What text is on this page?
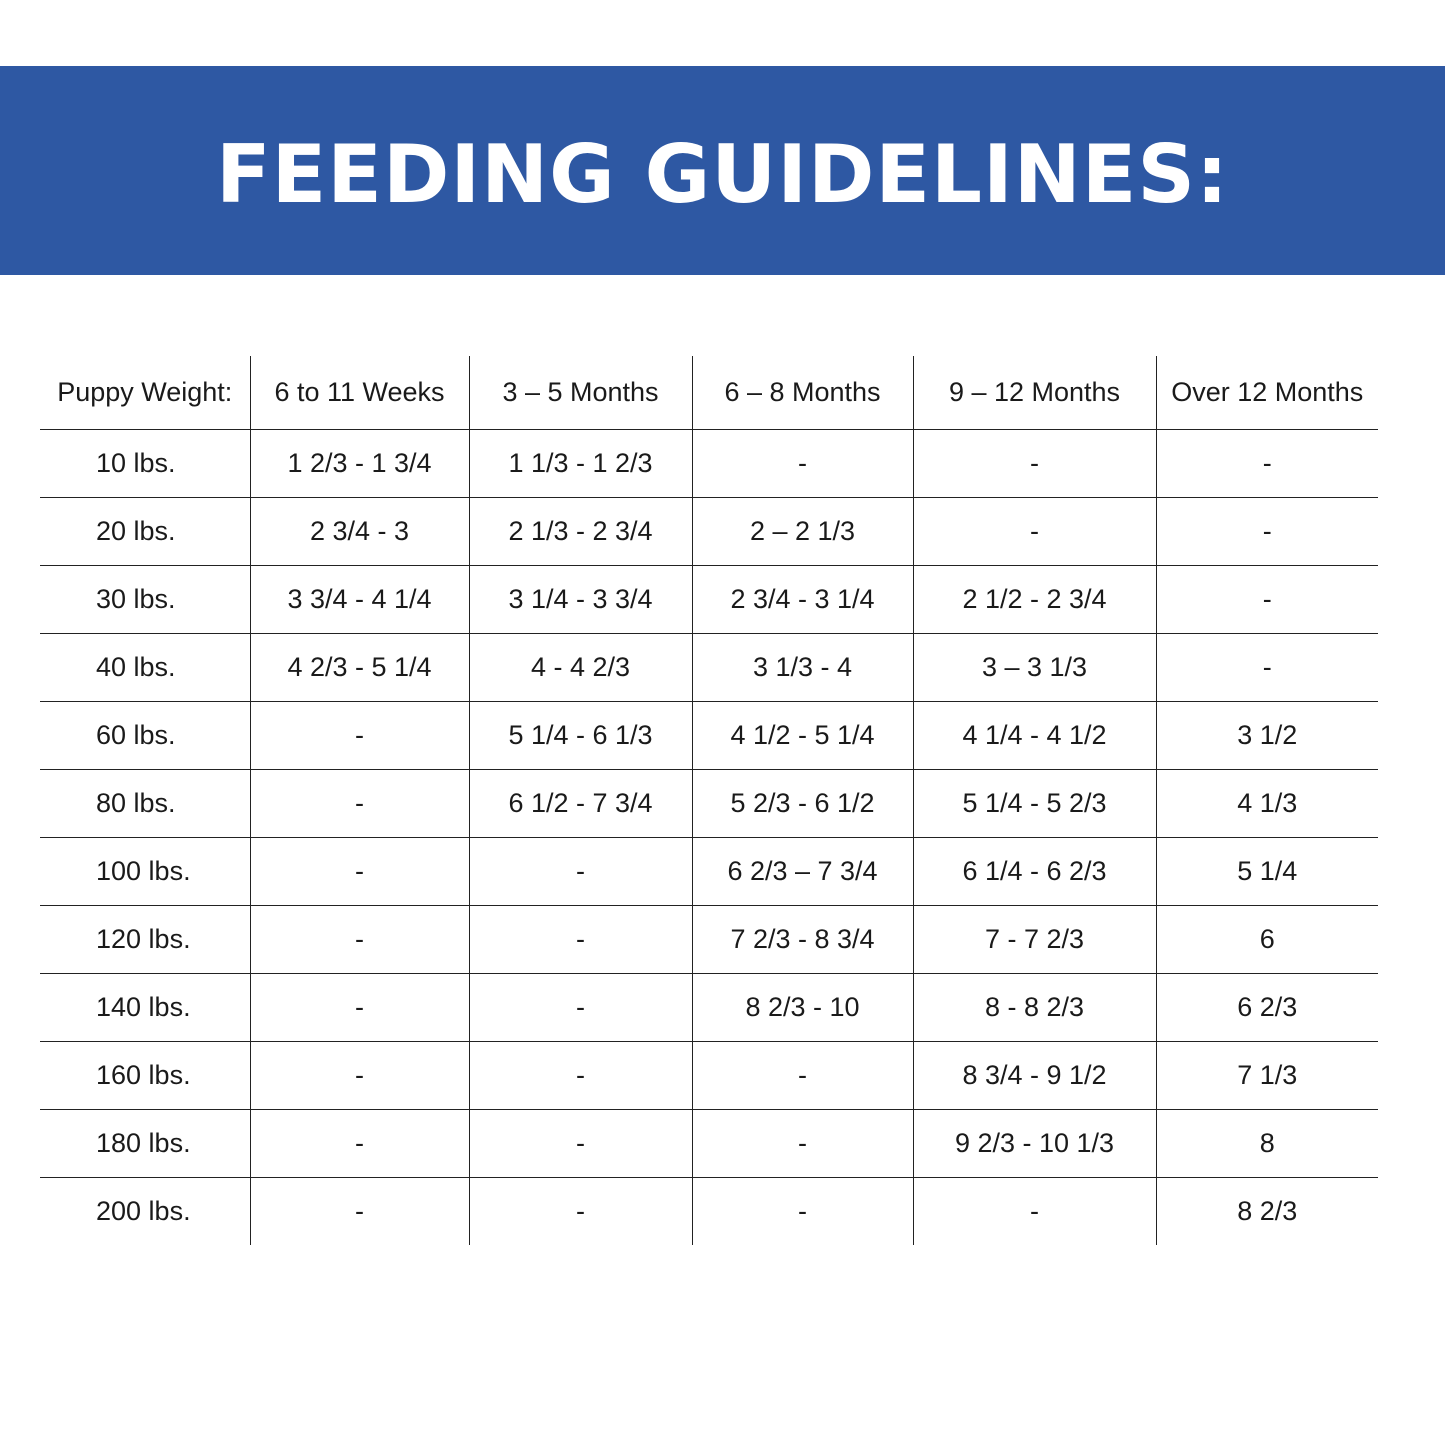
FEEDING GUIDELINES:
Puppy Weight:	6 to 11 Weeks	3 – 5 Months	6 – 8 Months	9 – 12 Months	Over 12 Months
10 lbs.	1 2/3 - 1 3/4	1 1/3 - 1 2/3	-	-	-
20 lbs.	2 3/4 - 3	2 1/3 - 2 3/4	2 – 2 1/3	-	-
30 lbs.	3 3/4 - 4 1/4	3 1/4 - 3 3/4	2 3/4 - 3 1/4	2 1/2 - 2 3/4	-
40 lbs.	4 2/3 - 5 1/4	4 - 4 2/3	3 1/3 - 4	3 – 3 1/3	-
60 lbs.	-	5 1/4 - 6 1/3	4 1/2 - 5 1/4	4 1/4 - 4 1/2	3 1/2
80 lbs.	-	6 1/2 - 7 3/4	5 2/3 - 6 1/2	5 1/4 - 5 2/3	4 1/3
100 lbs.	-	-	6 2/3 – 7 3/4	6 1/4 - 6 2/3	5 1/4
120 lbs.	-	-	7 2/3 - 8 3/4	7 - 7 2/3	6
140 lbs.	-	-	8 2/3 - 10	8 - 8 2/3	6 2/3
160 lbs.	-	-	-	8 3/4 - 9 1/2	7 1/3
180 lbs.	-	-	-	9 2/3 - 10 1/3	8
200 lbs.	-	-	-	-	8 2/3
